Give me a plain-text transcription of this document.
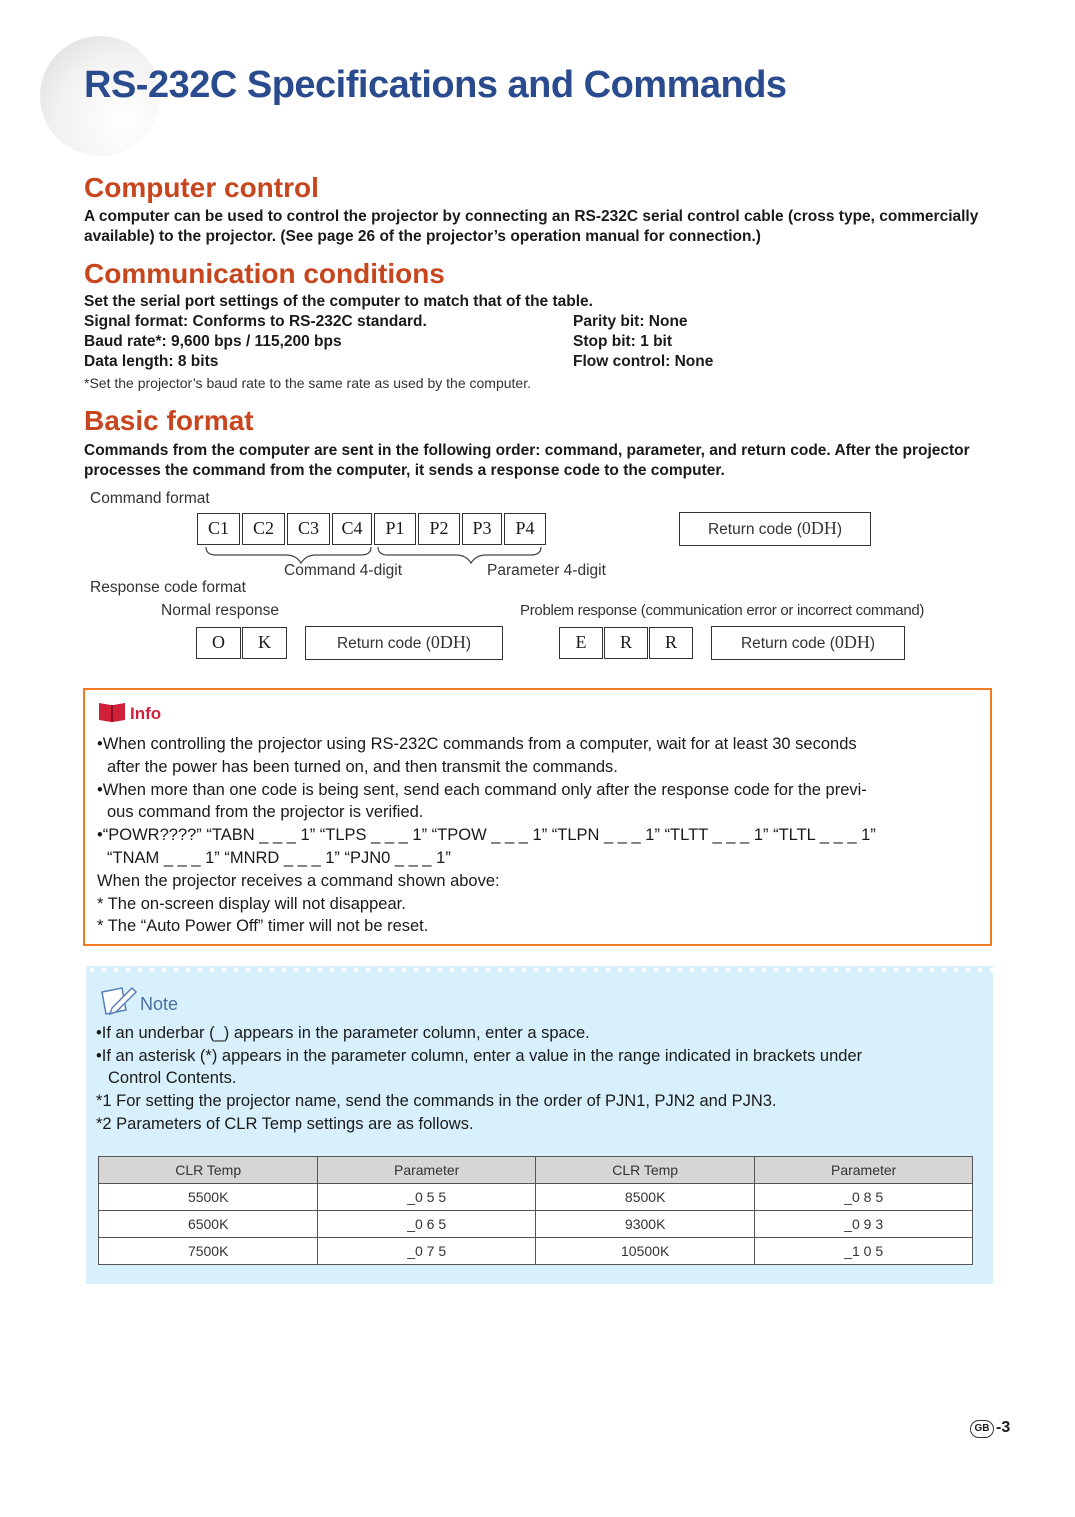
RS-232C Specifications and Commands
Computer control
A computer can be used to control the projector by connecting an RS-232C serial control cable (cross type, commercially available) to the projector. (See page 26 of the projector’s operation manual for connection.)
Communication conditions
Set the serial port settings of the computer to match that of the table.
Signal format: Conforms to RS-232C standard.
Baud rate*: 9,600 bps / 115,200 bps
Data length: 8 bits
Parity bit: None
Stop bit: 1 bit
Flow control: None
*Set the projector’s baud rate to the same rate as used by the computer.
Basic format
Commands from the computer are sent in the following order: command, parameter, and return code. After the projector processes the command from the computer, it sends a response code to the computer.
Command format
C1	C2	C3	C4	P1	P2	P3	P4	Return code (0DH)
Command 4-digit	Parameter 4-digit
Response code format
Normal response	Problem response (communication error or incorrect command)
O	K	Return code (0DH)	E	R	R	Return code (0DH)
Info
•When controlling the projector using RS-232C commands from a computer, wait for at least 30 seconds
after the power has been turned on, and then transmit the commands.
•When more than one code is being sent, send each command only after the response code for the previ-
ous command from the projector is verified.
•“POWR????” “TABN _ _ _ 1” “TLPS _ _ _ 1” “TPOW _ _ _ 1” “TLPN _ _ _ 1” “TLTT _ _ _ 1” “TLTL _ _ _ 1”
“TNAM _ _ _ 1” “MNRD _ _ _ 1” “PJN0 _ _ _ 1”
When the projector receives a command shown above:
* The on-screen display will not disappear.
* The “Auto Power Off” timer will not be reset.
Note
•If an underbar (_) appears in the parameter column, enter a space.
•If an asterisk (*) appears in the parameter column, enter a value in the range indicated in brackets under
Control Contents.
*1 For setting the projector name, send the commands in the order of PJN1, PJN2 and PJN3.
*2 Parameters of CLR Temp settings are as follows.
CLR Temp	Parameter	CLR Temp	Parameter
5500K	_0 5 5	8500K	_0 8 5
6500K	_0 6 5	9300K	_0 9 3
7500K	_0 7 5	10500K	_1 0 5
GB -3
